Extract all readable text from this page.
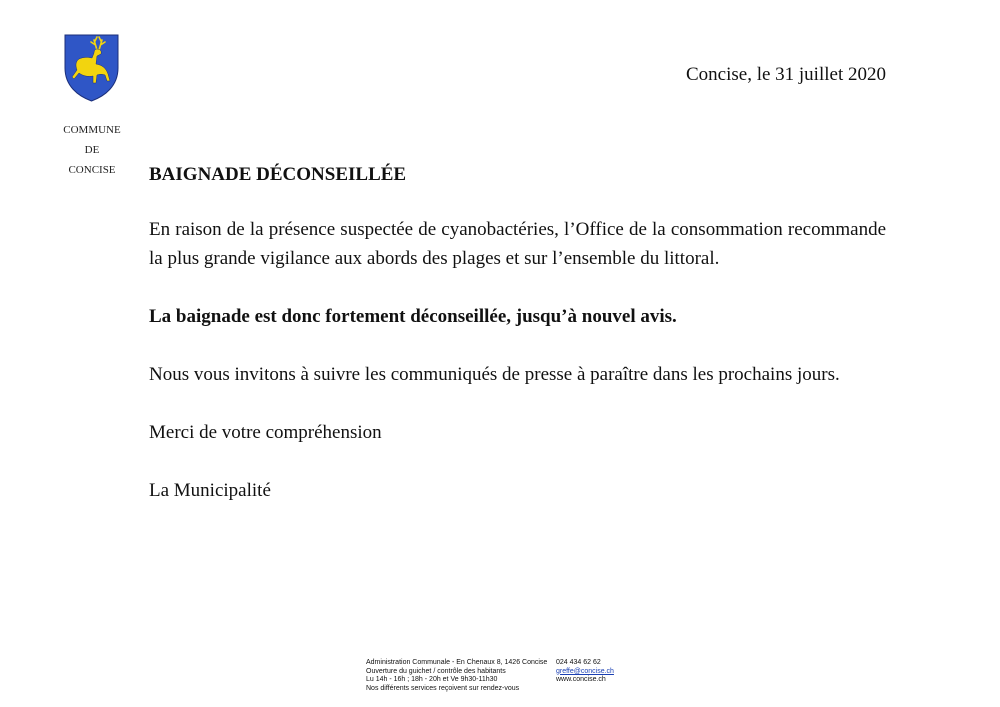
COMMUNE
DE
CONCISE
Concise, le 31 juillet 2020

BAIGNADE DÉCONSEILLÉE

En raison de la présence suspectée de cyanobactéries, l’Office de la consommation recommande la plus grande vigilance aux abords des plages et sur l’ensemble du littoral.

La baignade est donc fortement déconseillée, jusqu’à nouvel avis.

Nous vous invitons à suivre les communiqués de presse à paraître dans les prochains jours.

Merci de votre compréhension

La Municipalité

Administration Communale - En Chenaux 8, 1426 Concise	024 434 62 62
Ouverture du guichet / contrôle des habitants	greffe@concise.ch
Lu 14h - 16h ; 18h - 20h et Ve 9h30-11h30	www.concise.ch
Nos différents services reçoivent sur rendez-vous
